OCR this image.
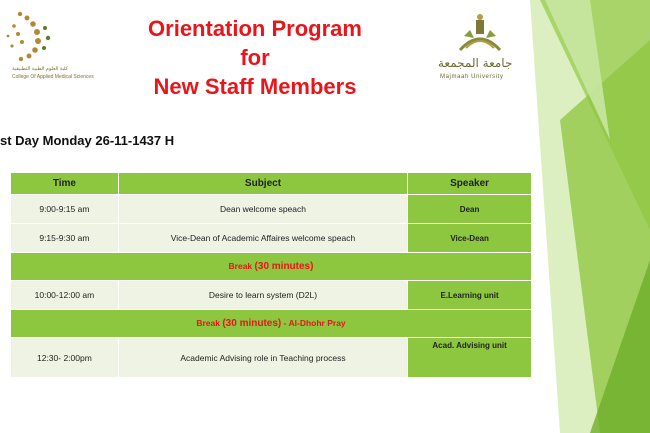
كلية العلوم الطبية التطبيقية
College Of Applied Medical Sciences
Orientation Program
for
New Staff Members
جامعة المجمعة
Majmaah University
st Day Monday 26-11-1437 H
Time	Subject	Speaker
9:00-9:15 am	Dean welcome speach	Dean
9:15-9:30 am	Vice-Dean of Academic Affaires welcome speach	Vice-Dean
Break (30 minutes)		
10:00-12:00 am	Desire to learn system (D2L)	E.Learning unit
Break (30 minutes) - Al-Dhohr Pray		
12:30- 2:00pm	Academic Advising role in Teaching process	Acad. Advising unit
